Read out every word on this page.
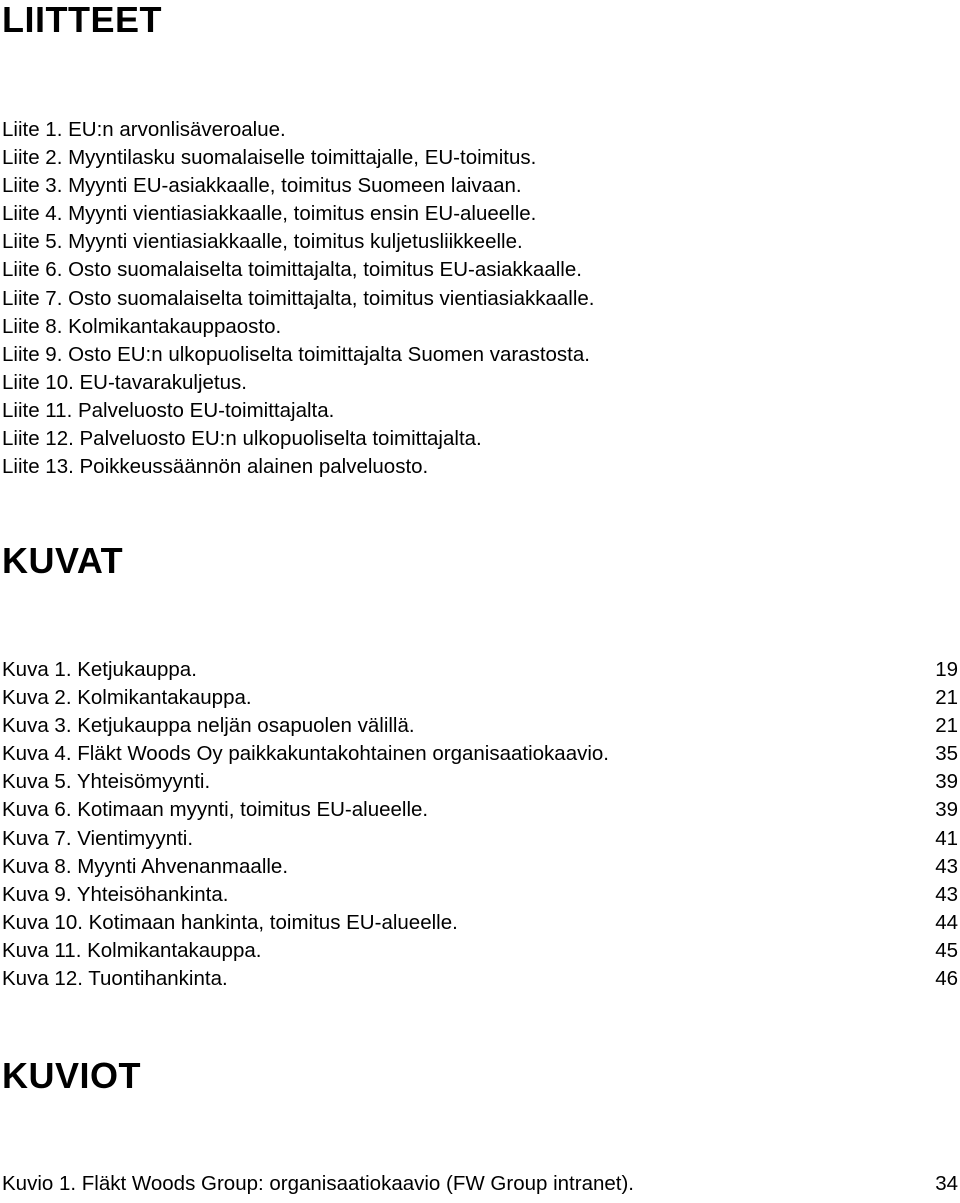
LIITTEET
Liite 1. EU:n arvonlisäveroalue.
Liite 2. Myyntilasku suomalaiselle toimittajalle, EU-toimitus.
Liite 3. Myynti EU-asiakkaalle, toimitus Suomeen laivaan.
Liite 4. Myynti vientiasiakkaalle, toimitus ensin EU-alueelle.
Liite 5. Myynti vientiasiakkaalle, toimitus kuljetusliikkeelle.
Liite 6. Osto suomalaiselta toimittajalta, toimitus EU-asiakkaalle.
Liite 7. Osto suomalaiselta toimittajalta, toimitus vientiasiakkaalle.
Liite 8. Kolmikantakauppaosto.
Liite 9. Osto EU:n ulkopuoliselta toimittajalta Suomen varastosta.
Liite 10. EU-tavarakuljetus.
Liite 11. Palveluosto EU-toimittajalta.
Liite 12. Palveluosto EU:n ulkopuoliselta toimittajalta.
Liite 13. Poikkeussäännön alainen palveluosto.
KUVAT
Kuva 1. Ketjukauppa.	19
Kuva 2. Kolmikantakauppa.	21
Kuva 3. Ketjukauppa neljän osapuolen välillä.	21
Kuva 4. Fläkt Woods Oy paikkakuntakohtainen organisaatiokaavio.	35
Kuva 5. Yhteisömyynti.	39
Kuva 6. Kotimaan myynti, toimitus EU-alueelle.	39
Kuva 7. Vientimyynti.	41
Kuva 8. Myynti Ahvenanmaalle.	43
Kuva 9. Yhteisöhankinta.	43
Kuva 10. Kotimaan hankinta, toimitus EU-alueelle.	44
Kuva 11. Kolmikantakauppa.	45
Kuva 12. Tuontihankinta.	46
KUVIOT
Kuvio 1. Fläkt Woods Group: organisaatiokaavio (FW Group intranet).	34
